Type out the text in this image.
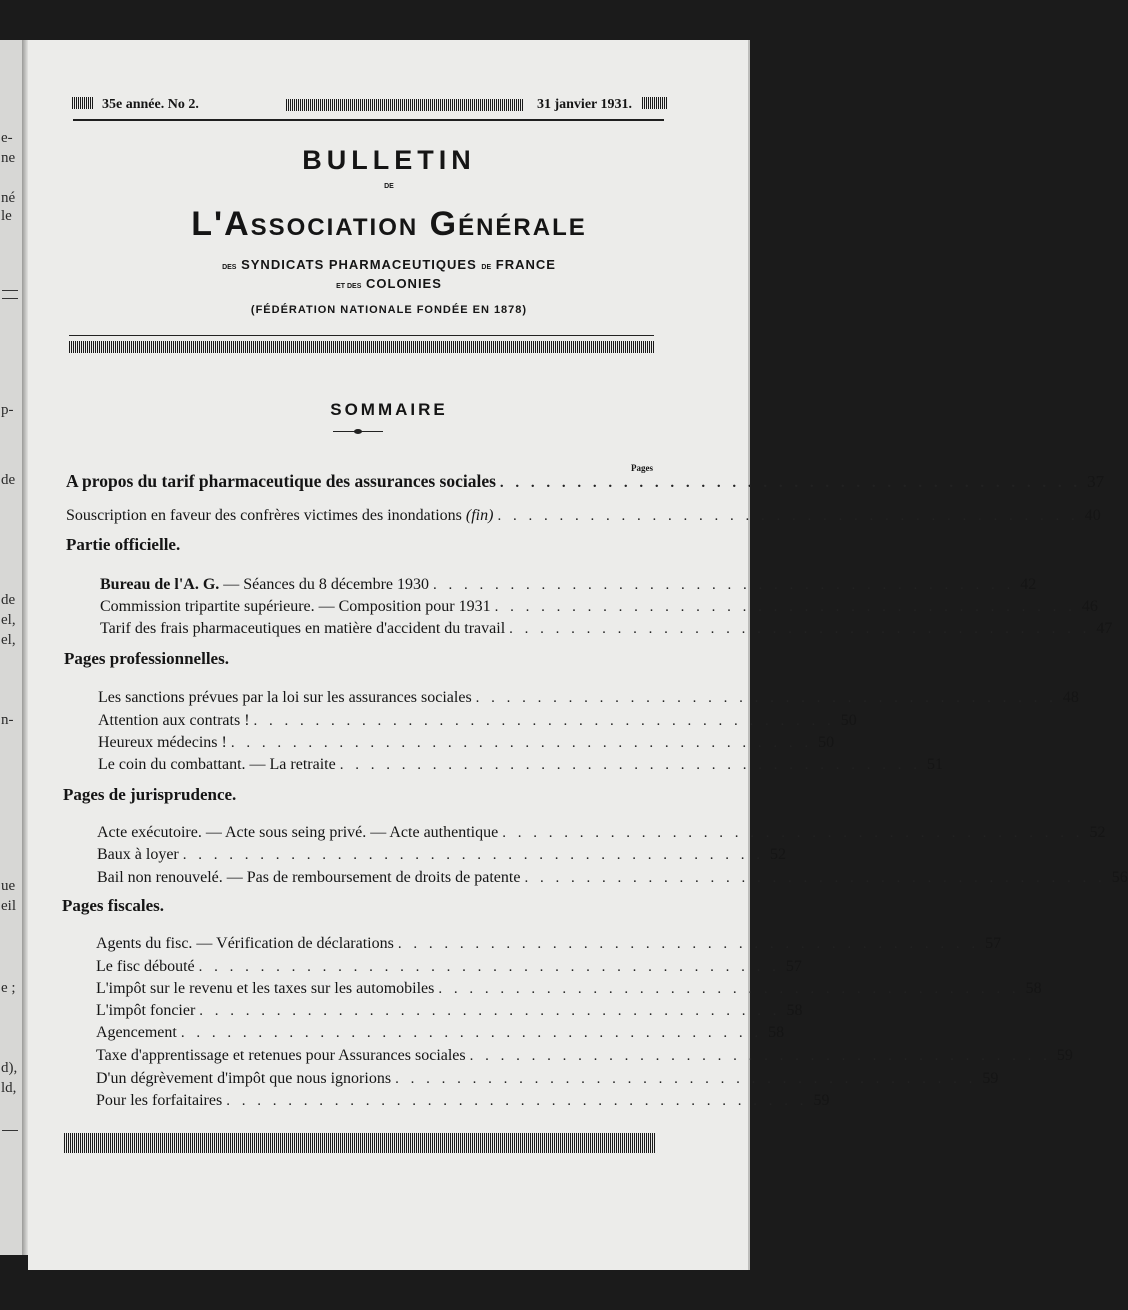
e-
ne
né
le
p-
de
de
el,
el,
n-
ue
eil
e ;
d),
ld,
35e année. No 2.	31 janvier 1931.
BULLETIN
DE
L'Association Générale
DES SYNDICATS PHARMACEUTIQUES DE FRANCE
ET DES COLONIES
(FÉDÉRATION NATIONALE FONDÉE EN 1878)
SOMMAIRE
Pages
A propos du tarif pharmaceutique des assurances sociales . . . . . . . . . . . . . . . . . . . . . . . . . . . . . . . . . . . . . . 37
Souscription en faveur des confrères victimes des inondations (fin) . . . . . . . . . . . . . . . . . . . . . . . . . . . . . . . . . . . . . . 40
Partie officielle.
Bureau de l'A. G. — Séances du 8 décembre 1930 . . . . . . . . . . . . . . . . . . . . . . . . . . . . . . . . . . . . . . 42
Commission tripartite supérieure. — Composition pour 1931 . . . . . . . . . . . . . . . . . . . . . . . . . . . . . . . . . . . . . . 46
Tarif des frais pharmaceutiques en matière d'accident du travail . . . . . . . . . . . . . . . . . . . . . . . . . . . . . . . . . . . . . . 47
Pages professionnelles.
Les sanctions prévues par la loi sur les assurances sociales . . . . . . . . . . . . . . . . . . . . . . . . . . . . . . . . . . . . . . 48
Attention aux contrats ! . . . . . . . . . . . . . . . . . . . . . . . . . . . . . . . . . . . . . . 50
Heureux médecins ! . . . . . . . . . . . . . . . . . . . . . . . . . . . . . . . . . . . . . . 50
Le coin du combattant. — La retraite . . . . . . . . . . . . . . . . . . . . . . . . . . . . . . . . . . . . . . 51
Pages de jurisprudence.
Acte exécutoire. — Acte sous seing privé. — Acte authentique . . . . . . . . . . . . . . . . . . . . . . . . . . . . . . . . . . . . . . 52
Baux à loyer . . . . . . . . . . . . . . . . . . . . . . . . . . . . . . . . . . . . . . 52
Bail non renouvelé. — Pas de remboursement de droits de patente . . . . . . . . . . . . . . . . . . . . . . . . . . . . . . . . . . . . . . 56
Pages fiscales.
Agents du fisc. — Vérification de déclarations . . . . . . . . . . . . . . . . . . . . . . . . . . . . . . . . . . . . . . 57
Le fisc débouté . . . . . . . . . . . . . . . . . . . . . . . . . . . . . . . . . . . . . . 57
L'impôt sur le revenu et les taxes sur les automobiles . . . . . . . . . . . . . . . . . . . . . . . . . . . . . . . . . . . . . . 58
L'impôt foncier . . . . . . . . . . . . . . . . . . . . . . . . . . . . . . . . . . . . . . 58
Agencement . . . . . . . . . . . . . . . . . . . . . . . . . . . . . . . . . . . . . . 58
Taxe d'apprentissage et retenues pour Assurances sociales . . . . . . . . . . . . . . . . . . . . . . . . . . . . . . . . . . . . . . 59
D'un dégrèvement d'impôt que nous ignorions . . . . . . . . . . . . . . . . . . . . . . . . . . . . . . . . . . . . . . 59
Pour les forfaitaires . . . . . . . . . . . . . . . . . . . . . . . . . . . . . . . . . . . . . . 59
